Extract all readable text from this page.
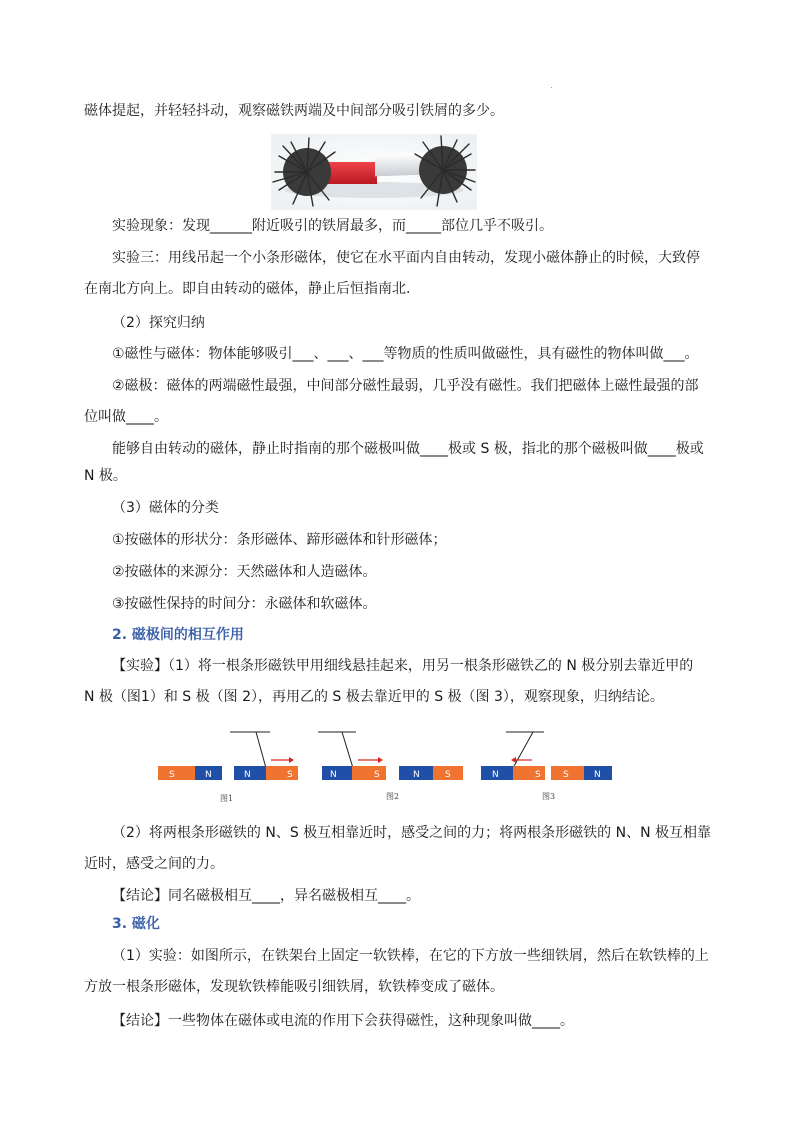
磁体提起，并轻轻抖动，观察磁铁两端及中间部分吸引铁屑的多少。
实验现象：发现______附近吸引的铁屑最多，而_____部位几乎不吸引。
实验三：用线吊起一个小条形磁体，使它在水平面内自由转动，发现小磁体静止的时候，大致停
在南北方向上。即自由转动的磁体，静止后恒指南北.
（2）探究归纳
①磁性与磁体：物体能够吸引___、___、___等物质的性质叫做磁性，具有磁性的物体叫做___。
②磁极：磁体的两端磁性最强，中间部分磁性最弱，几乎没有磁性。我们把磁体上磁性最强的部
位叫做____。
能够自由转动的磁体，静止时指南的那个磁极叫做____极或 S 极，指北的那个磁极叫做____极或
N 极。
（3）磁体的分类
①按磁体的形状分：条形磁体、蹄形磁体和针形磁体；
②按磁体的来源分：天然磁体和人造磁体。
③按磁性保持的时间分：永磁体和软磁体。
2. 磁极间的相互作用
【实验】（1）将一根条形磁铁甲用细线悬挂起来，用另一根条形磁铁乙的 N 极分别去靠近甲的
N 极（图1）和 S 极（图 2），再用乙的 S 极去靠近甲的 S 极（图 3），观察现象，归纳结论。
S	N	N	S
图1
N	S	N	S
图2
N	S S	N
图3
（2）将两根条形磁铁的 N、S 极互相靠近时，感受之间的力；将两根条形磁铁的 N、N 极互相靠
近时，感受之间的力。
【结论】同名磁极相互____，异名磁极相互____。
3. 磁化
（1）实验：如图所示，在铁架台上固定一软铁棒，在它的下方放一些细铁屑，然后在软铁棒的上
方放一根条形磁体，发现软铁棒能吸引细铁屑，软铁棒变成了磁体。
【结论】一些物体在磁体或电流的作用下会获得磁性，这种现象叫做____。
